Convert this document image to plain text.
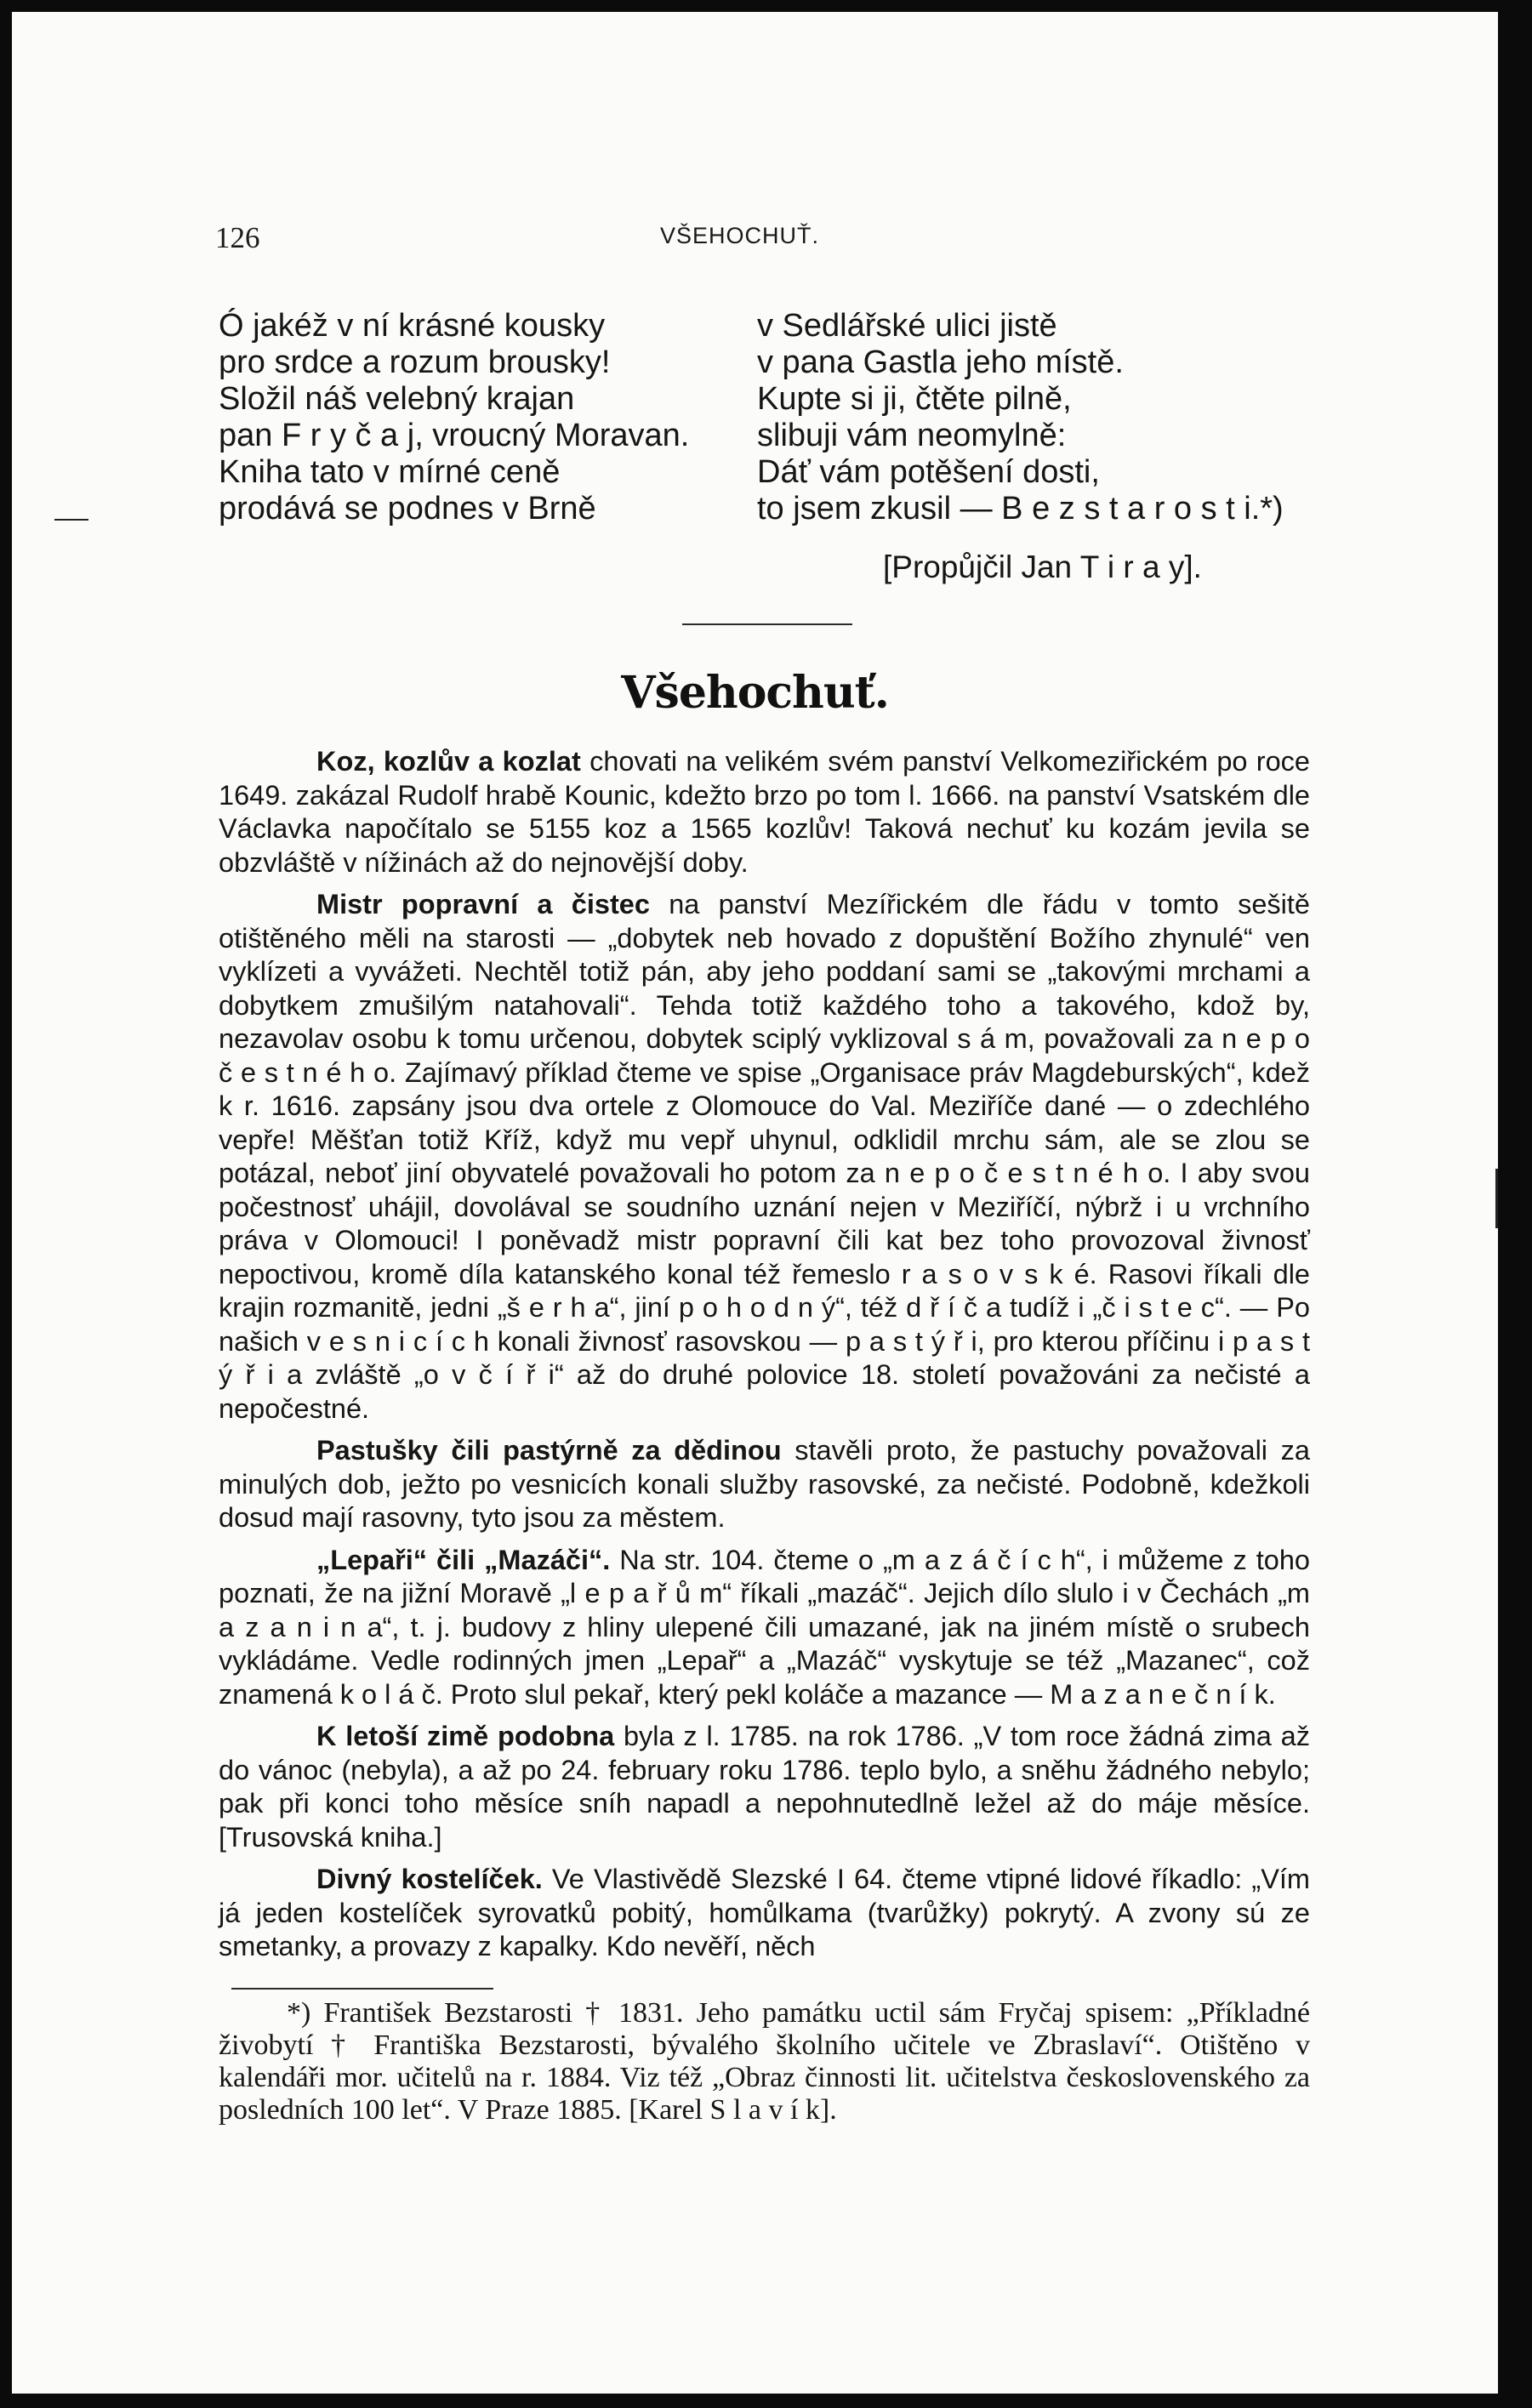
126	VŠEHOCHUŤ.
Ó jakéž v ní krásné kousky
pro srdce a rozum brousky!
Složil náš velebný krajan
pan F r y č a j, vroucný Moravan.
Kniha tato v mírné ceně
prodává se podnes v Brně
v Sedlářské ulici jistě
v pana Gastla jeho místě.
Kupte si ji, čtěte pilně,
slibuji vám neomylně:
Dáť vám potěšení dosti,
to jsem zkusil — B e z s t a r o s t i.*)
[Propůjčil Jan T i r a y].
Všehochuť.

Koz, kozlův a kozlat chovati na velikém svém panství Velkomeziřickém po roce 1649. zakázal Rudolf hrabě Kounic, kdežto brzo po tom l. 1666. na panství Vsatském dle Václavka napočítalo se 5155 koz a 1565 kozlův! Taková nechuť ku kozám jevila se obzvláště v nížinách až do nejnovější doby.

Mistr popravní a čistec na panství Mezířickém dle řádu v tomto sešitě otištěného měli na starosti — „dobytek neb hovado z dopuštění Božího zhynulé“ ven vyklízeti a vyvážeti. Nechtěl totiž pán, aby jeho poddaní sami se „takovými mrchami a dobytkem zmušilým natahovali“. Tehda totiž každého toho a takového, kdož by, nezavolav osobu k tomu určenou, dobytek sciplý vyklizoval s á m, považovali za n e p o č e s t n é h o. Zajímavý příklad čteme ve spise „Organisace práv Magdeburských“, kdež k r. 1616. zapsány jsou dva ortele z Olomouce do Val. Meziříče dané — o zdechlého vepře! Měšťan totiž Kříž, když mu vepř uhynul, odklidil mrchu sám, ale se zlou se potázal, neboť jiní obyvatelé považovali ho potom za n e p o č e s t n é h o. I aby svou počestnosť uhájil, dovolával se soudního uznání nejen v Meziříčí, nýbrž i u vrchního práva v Olomouci! I poněvadž mistr popravní čili kat bez toho provozoval živnosť nepoctivou, kromě díla katanského konal též řemeslo r a s o v s k é. Rasovi říkali dle krajin rozmanitě, jedni „š e r h a“, jiní p o h o d n ý“, též d ř í č a tudíž i „č i s t e c“. — Po našich v e s n i c í c h konali živnosť rasovskou — p a s t ý ř i, pro kterou příčinu i p a s t ý ř i a zvláště „o v č í ř i“ až do druhé polovice 18. století považováni za nečisté a nepočestné.

Pastušky čili pastýrně za dědinou stavěli proto, že pastuchy považovali za minulých dob, ježto po vesnicích konali služby rasovské, za nečisté. Podobně, kdežkoli dosud mají rasovny, tyto jsou za městem.

„Lepaři“ čili „Mazáči“. Na str. 104. čteme o „m a z á č í c h“, i můžeme z toho poznati, že na jižní Moravě „l e p a ř ů m“ říkali „mazáč“. Jejich dílo slulo i v Čechách „m a z a n i n a“, t. j. budovy z hliny ulepené čili umazané, jak na jiném místě o srubech vykládáme. Vedle rodinných jmen „Lepař“ a „Mazáč“ vyskytuje se též „Mazanec“, což znamená k o l á č. Proto slul pekař, který pekl koláče a mazance — M a z a n e č n í k.

K letoší zimě podobna byla z l. 1785. na rok 1786. „V tom roce žádná zima až do vánoc (nebyla), a až po 24. february roku 1786. teplo bylo, a sněhu žádného nebylo; pak při konci toho měsíce sníh napadl a nepohnutedlně ležel až do máje měsíce. [Trusovská kniha.]

Divný kostelíček. Ve Vlastivědě Slezské I 64. čteme vtipné lidové říkadlo: „Vím já jeden kostelíček syrovatků pobitý, homůlkama (tvarůžky) pokrytý. A zvony sú ze smetanky, a provazy z kapalky. Kdo nevěří, něch

*) František Bezstarosti † 1831. Jeho památku uctil sám Fryčaj spisem: „Příkladné živobytí † Františka Bezstarosti, bývalého školního učitele ve Zbraslaví“. Otištěno v kalendáři mor. učitelů na r. 1884. Viz též „Obraz činnosti lit. učitelstva československého za posledních 100 let“. V Praze 1885. [Karel S l a v í k].
